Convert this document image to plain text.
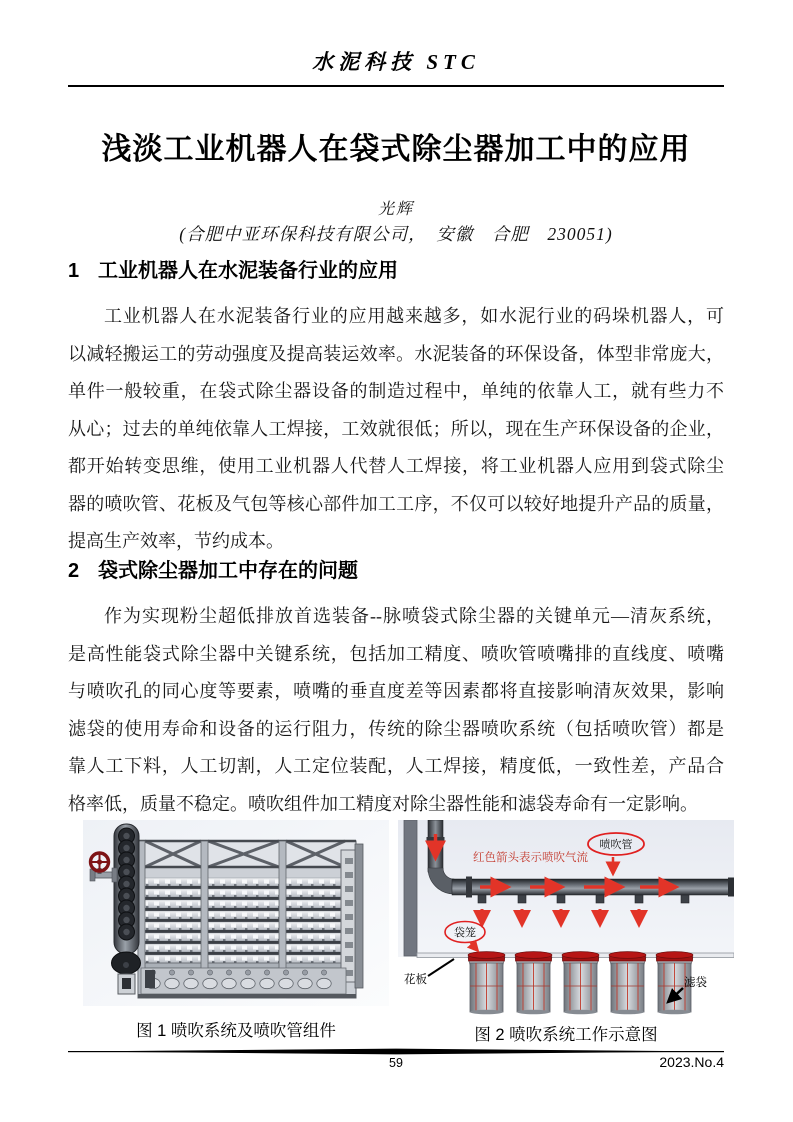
水泥科技 STC
浅淡工业机器人在袋式除尘器加工中的应用
光辉
(合肥中亚环保科技有限公司，　安徽　合肥　230051)
1 工业机器人在水泥装备行业的应用
工业机器人在水泥装备行业的应用越来越多，如水泥行业的码垛机器人，可
以减轻搬运工的劳动强度及提高装运效率。水泥装备的环保设备，体型非常庞大，
单件一般较重，在袋式除尘器设备的制造过程中，单纯的依靠人工，就有些力不
从心；过去的单纯依靠人工焊接，工效就很低；所以，现在生产环保设备的企业，
都开始转变思维，使用工业机器人代替人工焊接，将工业机器人应用到袋式除尘
器的喷吹管、花板及气包等核心部件加工工序，不仅可以较好地提升产品的质量，
提高生产效率，节约成本。
2 袋式除尘器加工中存在的问题
作为实现粉尘超低排放首选装备--脉喷袋式除尘器的关键单元—清灰系统，
是高性能袋式除尘器中关键系统，包括加工精度、喷吹管喷嘴排的直线度、喷嘴
与喷吹孔的同心度等要素，喷嘴的垂直度差等因素都将直接影响清灰效果，影响
滤袋的使用寿命和设备的运行阻力，传统的除尘器喷吹系统（包括喷吹管）都是
靠人工下料，人工切割，人工定位装配，人工焊接，精度低，一致性差，产品合
格率低，质量不稳定。喷吹组件加工精度对除尘器性能和滤袋寿命有一定影响。
图 1 喷吹系统及喷吹管组件
红色箭头表示喷吹气流
喷吹管
袋笼
花板	滤袋
图 2 喷吹系统工作示意图
59	2023.No.4
